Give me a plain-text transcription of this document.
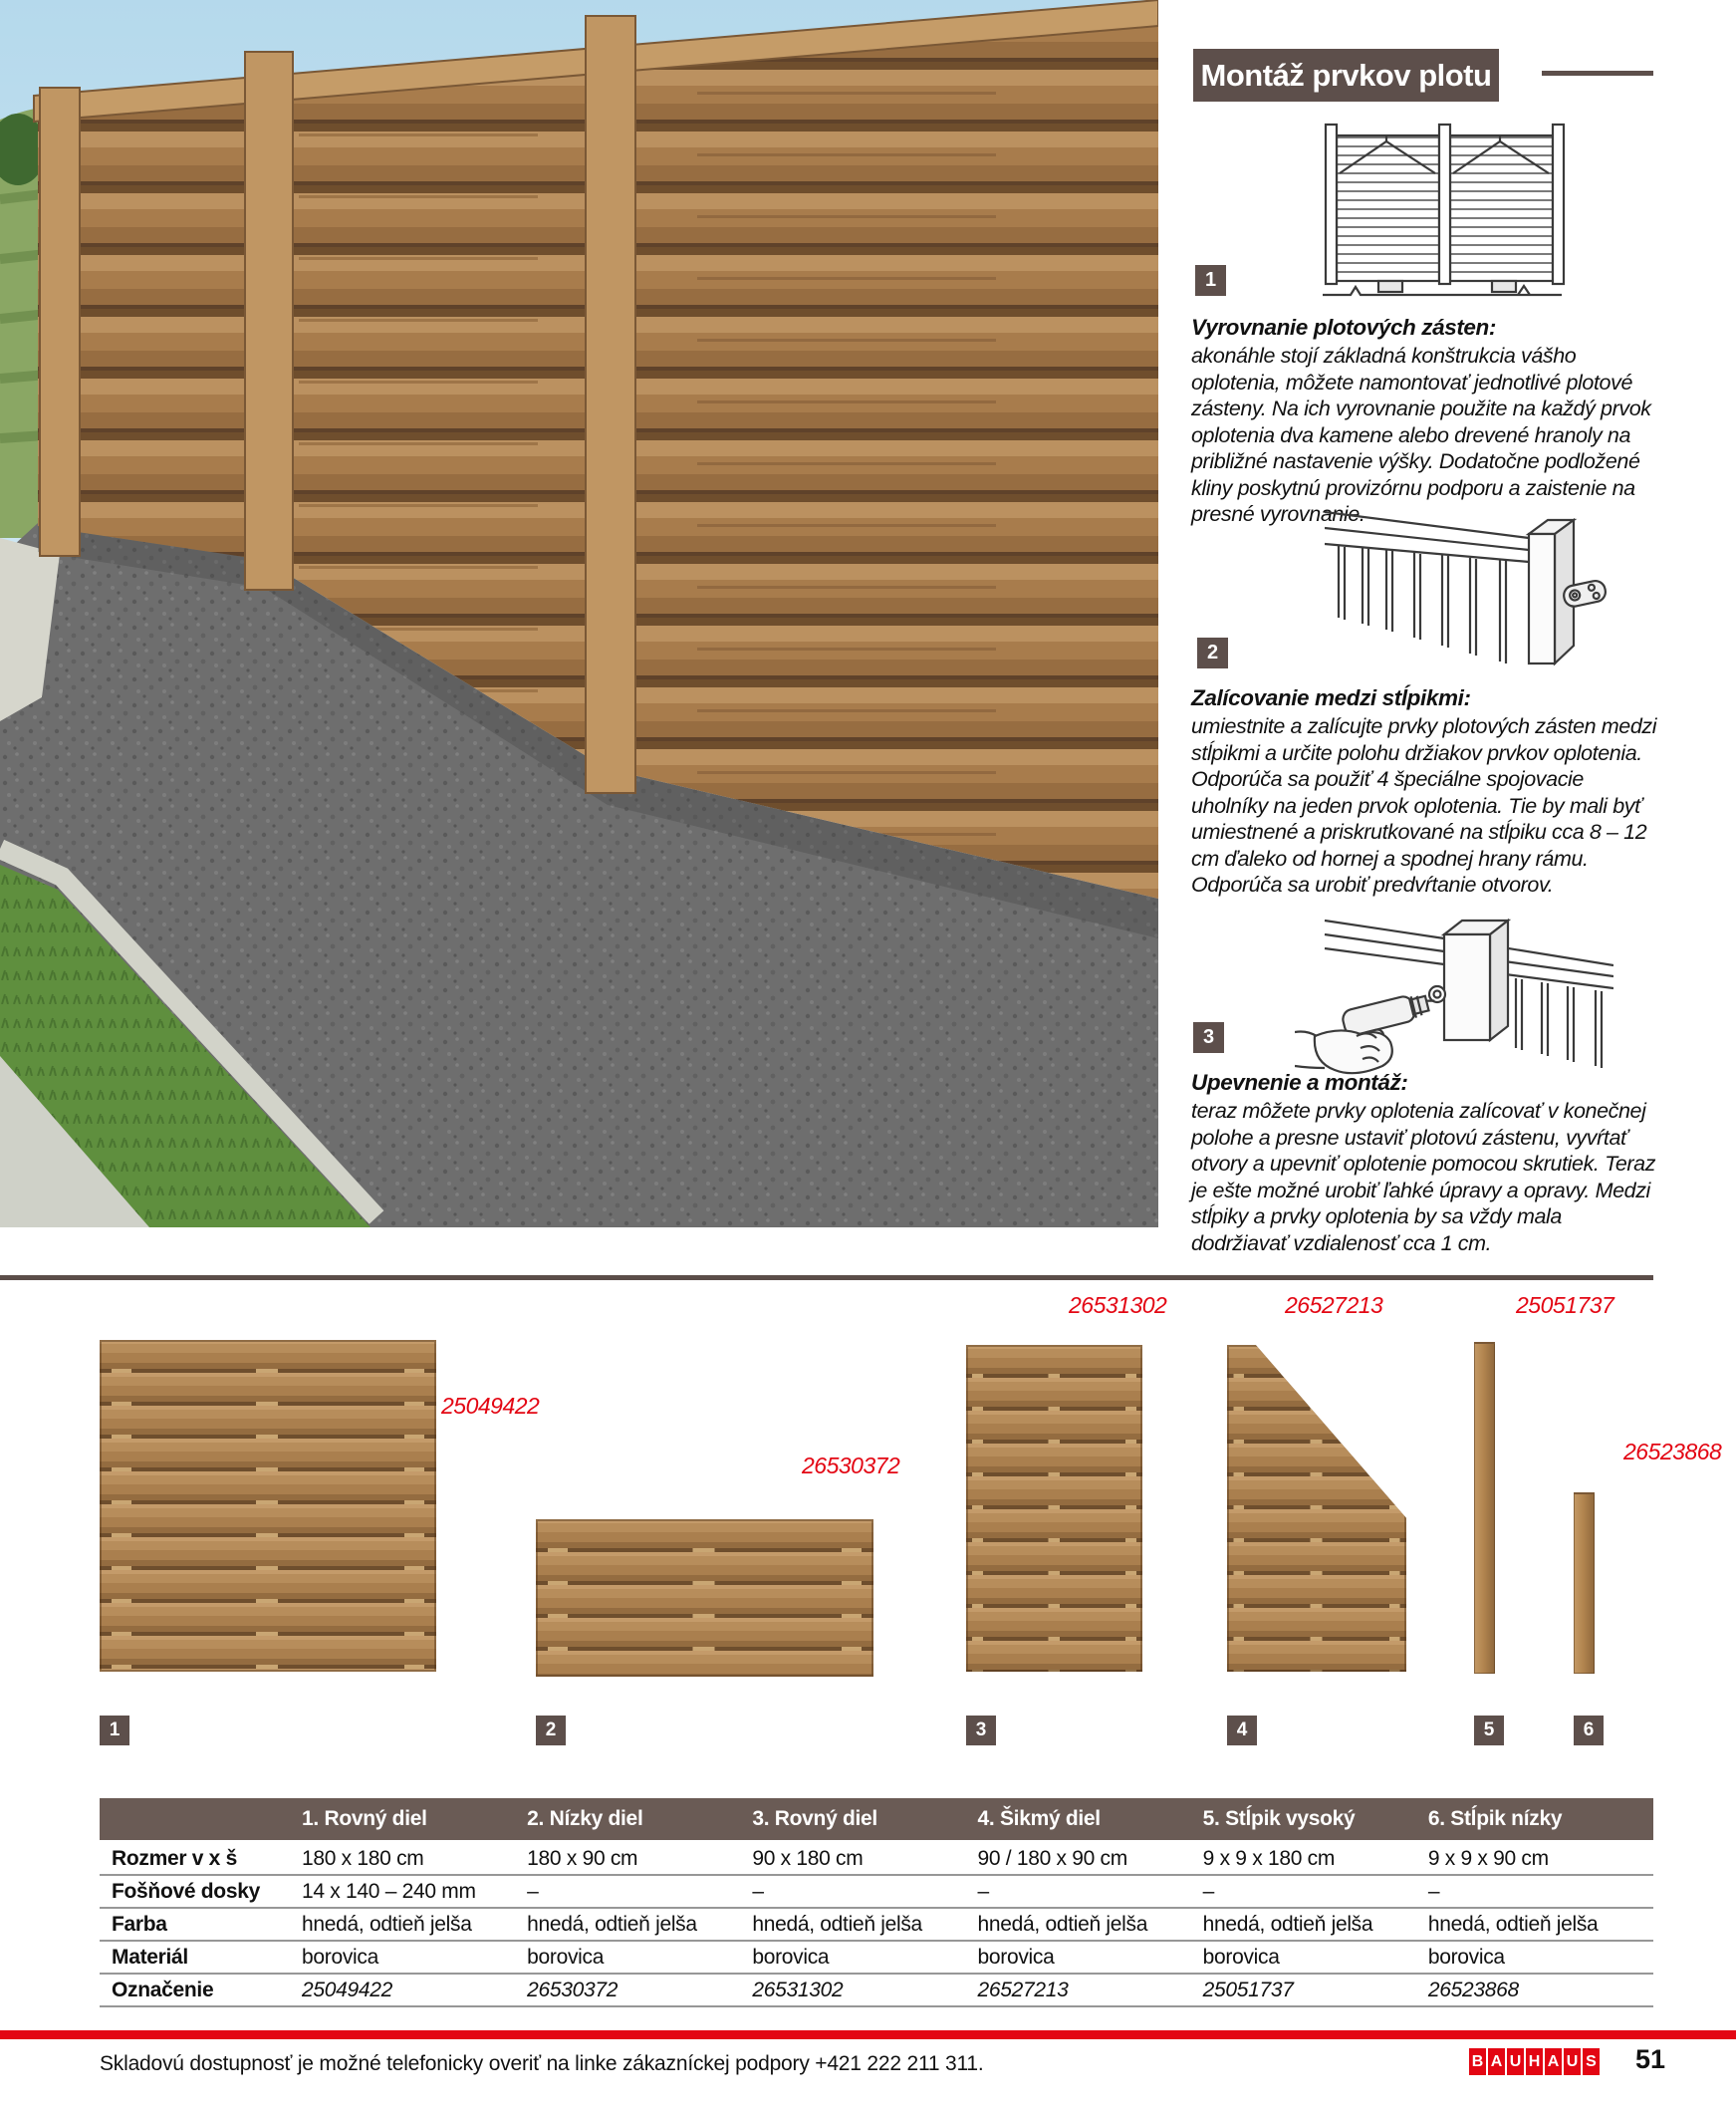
Montáž prvkov plotu
1
Vyrovnanie plotových zásten:
akonáhle stojí základná konštrukcia vášho oplotenia, môžete namontovať jednotlivé plotové zásteny. Na ich vyrovnanie použite na každý prvok oplotenia dva kamene alebo drevené hranoly na približné nastavenie výšky. Dodatočne podložené kliny poskytnú provizórnu podporu a zaistenie na presné vyrovnanie.
2
Zalícovanie medzi stĺpikmi:
umiestnite a zalícujte prvky plotových zásten medzi stĺpikmi a určite polohu držiakov prvkov oplotenia. Odporúča sa použiť 4 špeciálne spojovacie uholníky na jeden prvok oplotenia. Tie by mali byť umiestnené a priskrutkované na stĺpiku cca 8 – 12 cm ďaleko od hornej a spodnej hrany rámu. Odporúča sa urobiť predvŕtanie otvorov.
3
Upevnenie a montáž:
teraz môžete prvky oplotenia zalícovať v konečnej polohe a presne ustaviť plotovú zástenu, vyvŕtať otvory a upevniť oplotenie pomocou skrutiek. Teraz je ešte možné urobiť ľahké úpravy a opravy. Medzi stĺpiky a prvky oplotenia by sa vždy mala dodržiavať vzdialenosť cca 1 cm.
25049422
26530372
26531302	26527213	25051737
26523868
1	2	3	4	5	6
1. Rovný diel	2. Nízky diel	3. Rovný diel	4. Šikmý diel	5. Stĺpik vysoký	6. Stĺpik nízky
Rozmer v x š	180 x 180 cm	180 x 90 cm	90 x 180 cm	90 / 180 x 90 cm	9 x 9 x 180 cm	9 x 9 x 90 cm
Fošňové dosky	14 x 140 – 240 mm	–	–	–	–	–
Farba	hnedá, odtieň jelša	hnedá, odtieň jelša	hnedá, odtieň jelša	hnedá, odtieň jelša	hnedá, odtieň jelša	hnedá, odtieň jelša
Materiál	borovica	borovica	borovica	borovica	borovica	borovica
Označenie	25049422	26530372	26531302	26527213	25051737	26523868
Skladovú dostupnosť je možné telefonicky overiť na linke zákazníckej podpory +421 222 211 311.	B A U H A U S 51
